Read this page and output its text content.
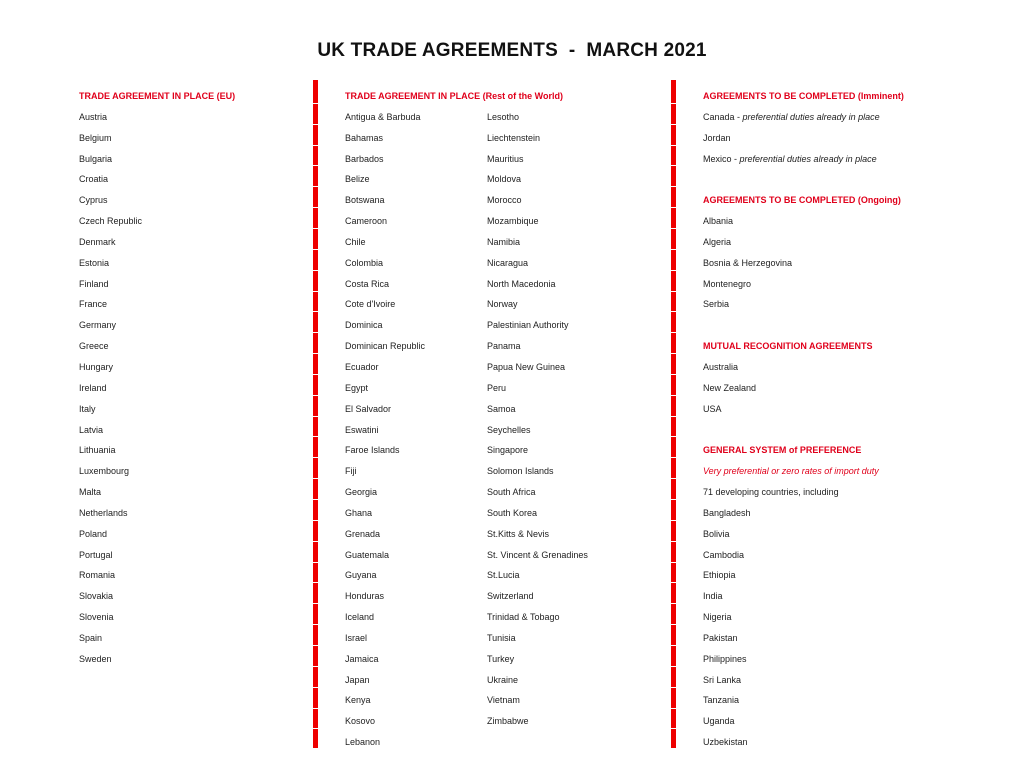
UK TRADE AGREEMENTS  -  MARCH 2021
TRADE AGREEMENT IN PLACE (EU)
Austria
Belgium
Bulgaria
Croatia
Cyprus
Czech Republic
Denmark
Estonia
Finland
France
Germany
Greece
Hungary
Ireland
Italy
Latvia
Lithuania
Luxembourg
Malta
Netherlands
Poland
Portugal
Romania
Slovakia
Slovenia
Spain
Sweden
TRADE AGREEMENT IN PLACE (Rest of the World)
Antigua & Barbuda
Bahamas
Barbados
Belize
Botswana
Cameroon
Chile
Colombia
Costa Rica
Cote d'Ivoire
Dominica
Dominican Republic
Ecuador
Egypt
El Salvador
Eswatini
Faroe Islands
Fiji
Georgia
Ghana
Grenada
Guatemala
Guyana
Honduras
Iceland
Israel
Jamaica
Japan
Kenya
Kosovo
Lebanon
Lesotho
Liechtenstein
Mauritius
Moldova
Morocco
Mozambique
Namibia
Nicaragua
North Macedonia
Norway
Palestinian Authority
Panama
Papua New Guinea
Peru
Samoa
Seychelles
Singapore
Solomon Islands
South Africa
South Korea
St.Kitts & Nevis
St. Vincent & Grenadines
St.Lucia
Switzerland
Trinidad & Tobago
Tunisia
Turkey
Ukraine
Vietnam
Zimbabwe
AGREEMENTS TO BE COMPLETED (Imminent)
Canada - preferential duties already in place
Jordan
Mexico - preferential duties already in place
AGREEMENTS TO BE COMPLETED (Ongoing)
Albania
Algeria
Bosnia & Herzegovina
Montenegro
Serbia
MUTUAL RECOGNITION AGREEMENTS
Australia
New Zealand
USA
GENERAL SYSTEM of PREFERENCE
Very preferential or zero rates of import duty
71 developing countries, including
Bangladesh
Bolivia
Cambodia
Ethiopia
India
Nigeria
Pakistan
Philippines
Sri Lanka
Tanzania
Uganda
Uzbekistan
